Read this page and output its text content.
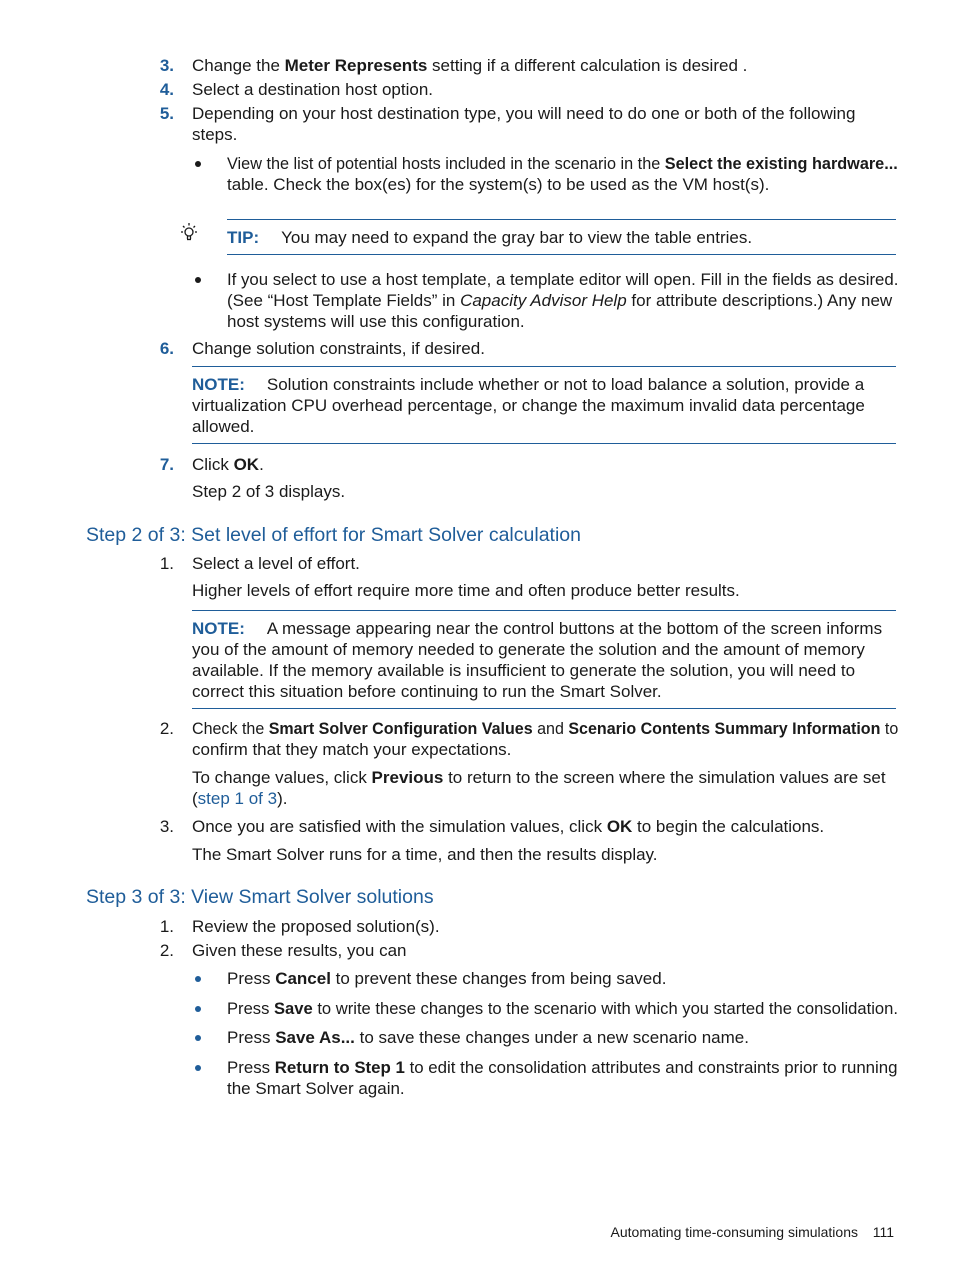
3. Change the Meter Represents setting if a different calculation is desired .
4. Select a destination host option.
5. Depending on your host destination type, you will need to do one or both of the following
steps.
View the list of potential hosts included in the scenario in the Select the existing hardware...
table. Check the box(es) for the system(s) to be used as the VM host(s).
TIP: You may need to expand the gray bar to view the table entries.
If you select to use a host template, a template editor will open. Fill in the fields as desired.
(See “Host Template Fields” in Capacity Advisor Help for attribute descriptions.) Any new
host systems will use this configuration.
6. Change solution constraints, if desired.
NOTE: Solution constraints include whether or not to load balance a solution, provide a
virtualization CPU overhead percentage, or change the maximum invalid data percentage
allowed.
7. Click OK.
Step 2 of 3 displays.
Step 2 of 3: Set level of effort for Smart Solver calculation
1. Select a level of effort.
Higher levels of effort require more time and often produce better results.
NOTE: A message appearing near the control buttons at the bottom of the screen informs
you of the amount of memory needed to generate the solution and the amount of memory
available. If the memory available is insufficient to generate the solution, you will need to
correct this situation before continuing to run the Smart Solver.
2. Check the Smart Solver Configuration Values and Scenario Contents Summary Information to
confirm that they match your expectations.
To change values, click Previous to return to the screen where the simulation values are set
(step 1 of 3).
3. Once you are satisfied with the simulation values, click OK to begin the calculations.
The Smart Solver runs for a time, and then the results display.
Step 3 of 3: View Smart Solver solutions
1. Review the proposed solution(s).
2. Given these results, you can
Press Cancel to prevent these changes from being saved.
Press Save to write these changes to the scenario with which you started the consolidation.
Press Save As... to save these changes under a new scenario name.
Press Return to Step 1 to edit the consolidation attributes and constraints prior to running
the Smart Solver again.
Automating time-consuming simulations 111
